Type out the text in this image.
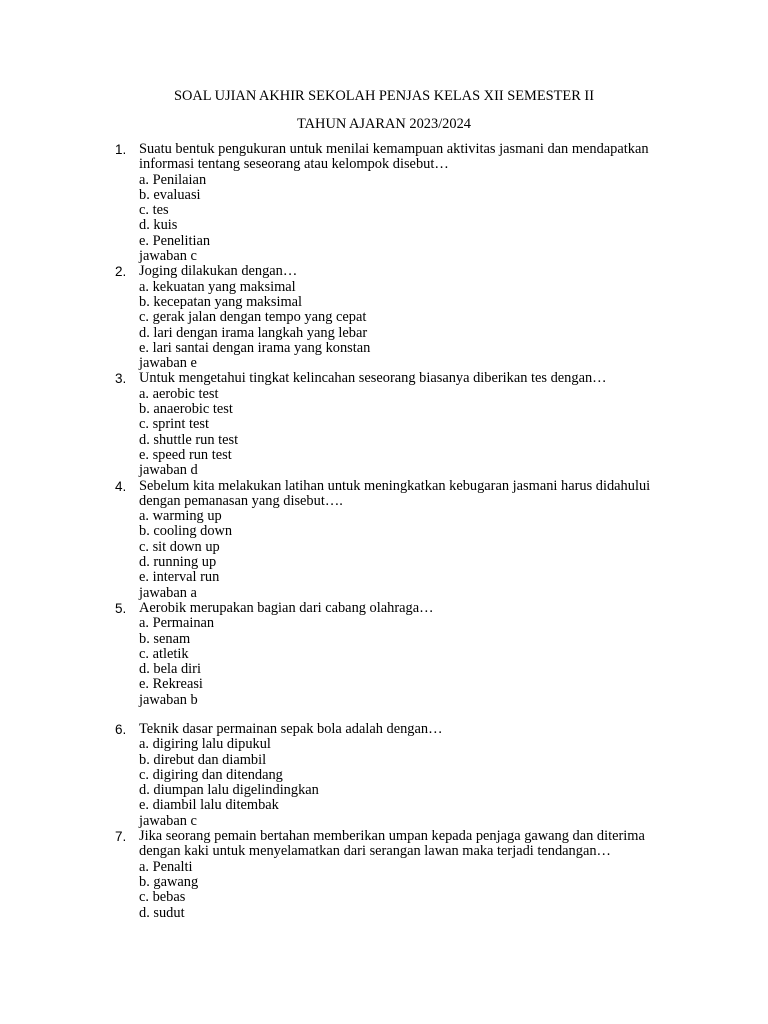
SOAL UJIAN AKHIR SEKOLAH PENJAS KELAS XII SEMESTER II
TAHUN AJARAN 2023/2024
1. Suatu bentuk pengukuran untuk menilai kemampuan aktivitas jasmani dan mendapatkan informasi tentang seseorang atau kelompok disebut…
a. Penilaian
b. evaluasi
c. tes
d. kuis
e. Penelitian
jawaban c
2. Joging dilakukan dengan…
a. kekuatan yang maksimal
b. kecepatan yang maksimal
c. gerak jalan dengan tempo yang cepat
d. lari dengan irama langkah yang lebar
e. lari santai dengan irama yang konstan
jawaban e
3. Untuk mengetahui tingkat kelincahan seseorang biasanya diberikan tes dengan…
a. aerobic test
b. anaerobic test
c. sprint test
d. shuttle run test
e. speed run test
jawaban d
4. Sebelum kita melakukan latihan untuk meningkatkan kebugaran jasmani harus didahului dengan pemanasan yang disebut….
a. warming up
b. cooling down
c. sit down up
d. running up
e. interval run
jawaban a
5. Aerobik merupakan bagian dari cabang olahraga…
a. Permainan
b. senam
c. atletik
d. bela diri
e. Rekreasi
jawaban b
6. Teknik dasar permainan sepak bola adalah dengan…
a. digiring lalu dipukul
b. direbut dan diambil
c. digiring dan ditendang
d. diumpan lalu digelindingkan
e. diambil lalu ditembak
jawaban c
7. Jika seorang pemain bertahan memberikan umpan kepada penjaga gawang dan diterima dengan kaki untuk menyelamatkan dari serangan lawan maka terjadi tendangan…
a. Penalti
b. gawang
c. bebas
d. sudut
